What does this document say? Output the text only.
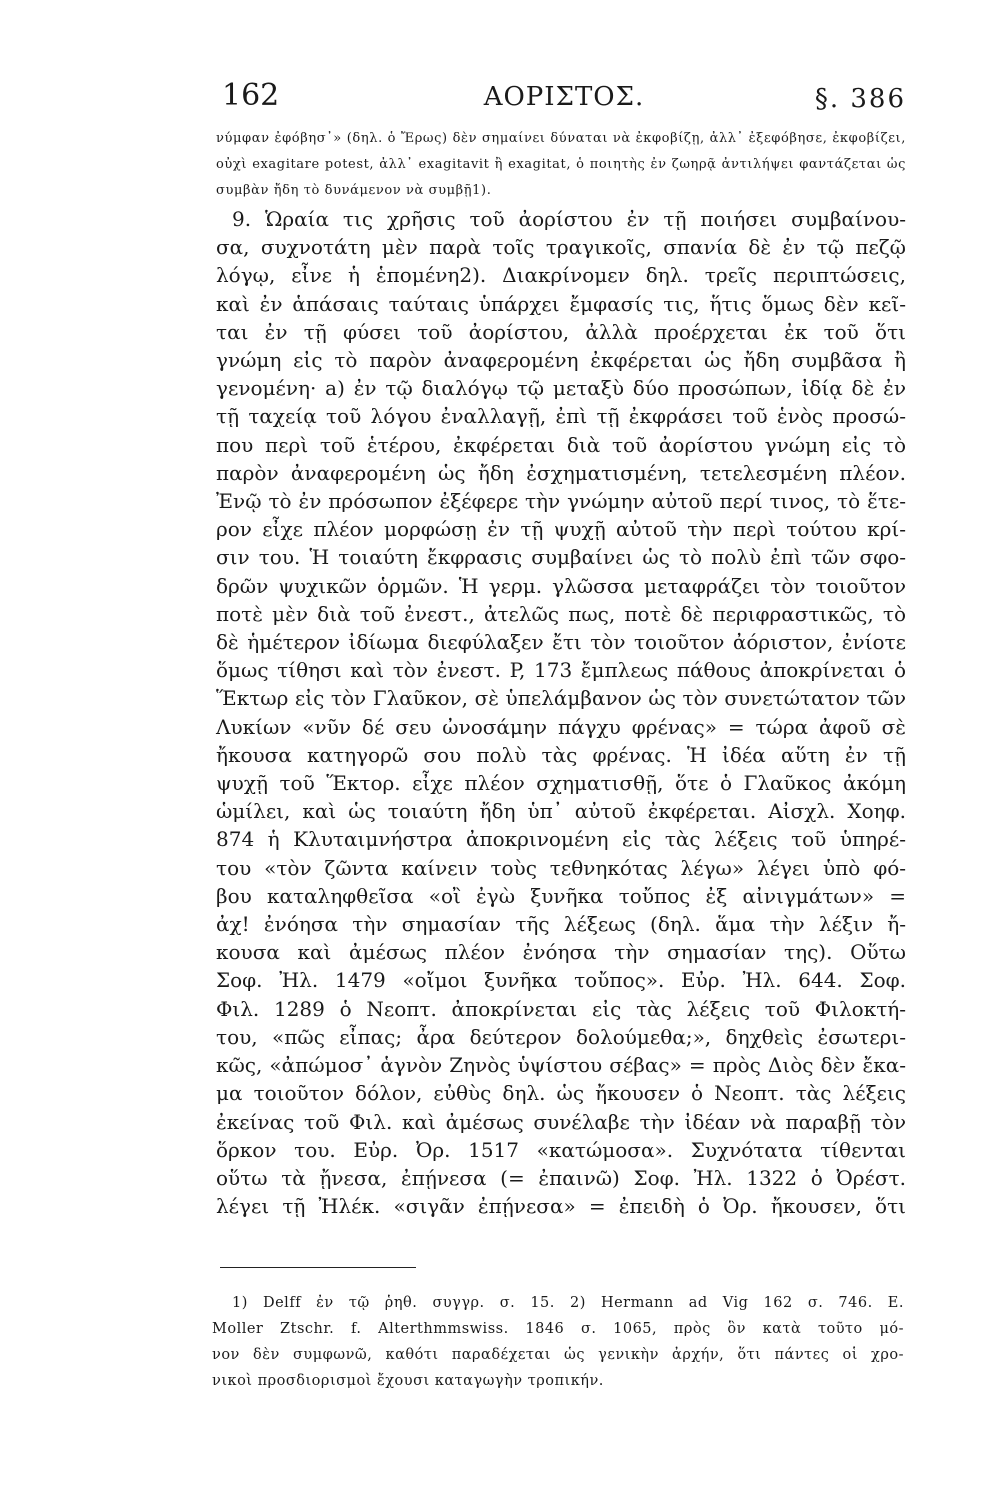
162	ΑΟΡΙΣΤΟΣ.	§. 386
νύμφαν ἐφόβησ᾽» (δηλ. ὁ Ἔρως) δὲν σημαίνει δύναται νὰ ἐκφοβίζῃ, ἀλλ᾽ ἐξεφόβησε, ἐκφοβίζει, οὐχὶ exagitare potest, ἀλλ᾽ exagitavit ἢ exagitat, ὁ ποιητὴς ἐν ζωηρᾷ ἀντιλήψει φαντάζεται ὡς συμβὰν ἤδη τὸ δυνάμενον νὰ συμβῇ1).
9. Ὡραία τις χρῆσις τοῦ ἀορίστου ἐν τῇ ποιήσει συμβαίνου-
σα, συχνοτάτη μὲν παρὰ τοῖς τραγικοῖς, σπανία δὲ ἐν τῷ πεζῷ
λόγῳ, εἶνε ἡ ἑπομένη2). Διακρίνομεν δηλ. τρεῖς περιπτώσεις,
καὶ ἐν ἁπάσαις ταύταις ὑπάρχει ἔμφασίς τις, ἥτις ὅμως δὲν κεῖ-
ται ἐν τῇ φύσει τοῦ ἀορίστου, ἀλλὰ προέρχεται ἐκ τοῦ ὅτι
γνώμη εἰς τὸ παρὸν ἀναφερομένη ἐκφέρεται ὡς ἤδη συμβᾶσα ἢ
γενομένη· a) ἐν τῷ διαλόγῳ τῷ μεταξὺ δύο προσώπων, ἰδίᾳ δὲ ἐν
τῇ ταχείᾳ τοῦ λόγου ἐναλλαγῇ, ἐπὶ τῇ ἐκφράσει τοῦ ἑνὸς προσώ-
που περὶ τοῦ ἑτέρου, ἐκφέρεται διὰ τοῦ ἀορίστου γνώμη εἰς τὸ
παρὸν ἀναφερομένη ὡς ἤδη ἐσχηματισμένη, τετελεσμένη πλέον.
Ἐνῷ τὸ ἐν πρόσωπον ἐξέφερε τὴν γνώμην αὐτοῦ περί τινος, τὸ ἕτε-
ρον εἶχε πλέον μορφώσῃ ἐν τῇ ψυχῇ αὐτοῦ τὴν περὶ τούτου κρί-
σιν του. Ἡ τοιαύτη ἔκφρασις συμβαίνει ὡς τὸ πολὺ ἐπὶ τῶν σφο-
δρῶν ψυχικῶν ὁρμῶν. Ἡ γερμ. γλῶσσα μεταφράζει τὸν τοιοῦτον
ποτὲ μὲν διὰ τοῦ ἐνεστ., ἀτελῶς πως, ποτὲ δὲ περιφραστικῶς, τὸ
δὲ ἡμέτερον ἰδίωμα διεφύλαξεν ἔτι τὸν τοιοῦτον ἀόριστον, ἐνίοτε
ὅμως τίθησι καὶ τὸν ἐνεστ. P, 173 ἔμπλεως πάθους ἀποκρίνεται ὁ
Ἕκτωρ εἰς τὸν Γλαῦκον, σὲ ὑπελάμβανον ὡς τὸν συνετώτατον τῶν
Λυκίων «νῦν δέ σευ ὠνοσάμην πάγχυ φρένας» = τώρα ἀφοῦ σὲ
ἤκουσα κατηγορῶ σου πολὺ τὰς φρένας. Ἡ ἰδέα αὕτη ἐν τῇ
ψυχῇ τοῦ Ἕκτορ. εἶχε πλέον σχηματισθῇ, ὅτε ὁ Γλαῦκος ἀκόμη
ὡμίλει, καὶ ὡς τοιαύτη ἤδη ὑπ᾽ αὐτοῦ ἐκφέρεται. Αἰσχλ. Χοηφ.
874 ἡ Κλυταιμνήστρα ἀποκρινομένη εἰς τὰς λέξεις τοῦ ὑπηρέ-
του «τὸν ζῶντα καίνειν τοὺς τεθνηκότας λέγω» λέγει ὑπὸ φό-
βου καταληφθεῖσα «οἲ ἐγὼ ξυνῆκα τοὔπος ἐξ αἰνιγμάτων» =
ἀχ! ἐνόησα τὴν σημασίαν τῆς λέξεως (δηλ. ἅμα τὴν λέξιν ἤ-
κουσα καὶ ἀμέσως πλέον ἐνόησα τὴν σημασίαν της). Οὕτω
Σοφ. Ἠλ. 1479 «οἴμοι ξυνῆκα τοὔπος». Εὐρ. Ἠλ. 644. Σοφ.
Φιλ. 1289 ὁ Νεοπτ. ἀποκρίνεται εἰς τὰς λέξεις τοῦ Φιλοκτή-
του, «πῶς εἶπας; ἆρα δεύτερον δολούμεθα;», δηχθεὶς ἐσωτερι-
κῶς, «ἀπώμοσ᾽ ἁγνὸν Ζηνὸς ὑψίστου σέβας» = πρὸς Διὸς δὲν ἔκα-
μα τοιοῦτον δόλον, εὐθὺς δηλ. ὡς ἤκουσεν ὁ Νεοπτ. τὰς λέξεις
ἐκείνας τοῦ Φιλ. καὶ ἀμέσως συνέλαβε τὴν ἰδέαν νὰ παραβῇ τὸν
ὅρκον του. Εὐρ. Ὀρ. 1517 «κατώμοσα». Συχνότατα τίθενται
οὕτω τὰ ᾔνεσα, ἐπῄνεσα (= ἐπαινῶ) Σοφ. Ἠλ. 1322 ὁ Ὀρέστ.
λέγει τῇ Ἠλέκ. «σιγᾶν ἐπῄνεσα» = ἐπειδὴ ὁ Ὀρ. ἤκουσεν, ὅτι
1) Delff ἐν τῷ ῥηθ. συγγρ. σ. 15. 2) Hermann ad Vig 162 σ. 746. E.
Moller Ztschr. f. Alterthmmswiss. 1846 σ. 1065, πρὸς ὃν κατὰ τοῦτο μό-
νον δὲν συμφωνῶ, καθότι παραδέχεται ὡς γενικὴν ἀρχήν, ὅτι πάντες οἱ χρο-
νικοὶ προσδιορισμοὶ ἔχουσι καταγωγὴν τροπικήν.
